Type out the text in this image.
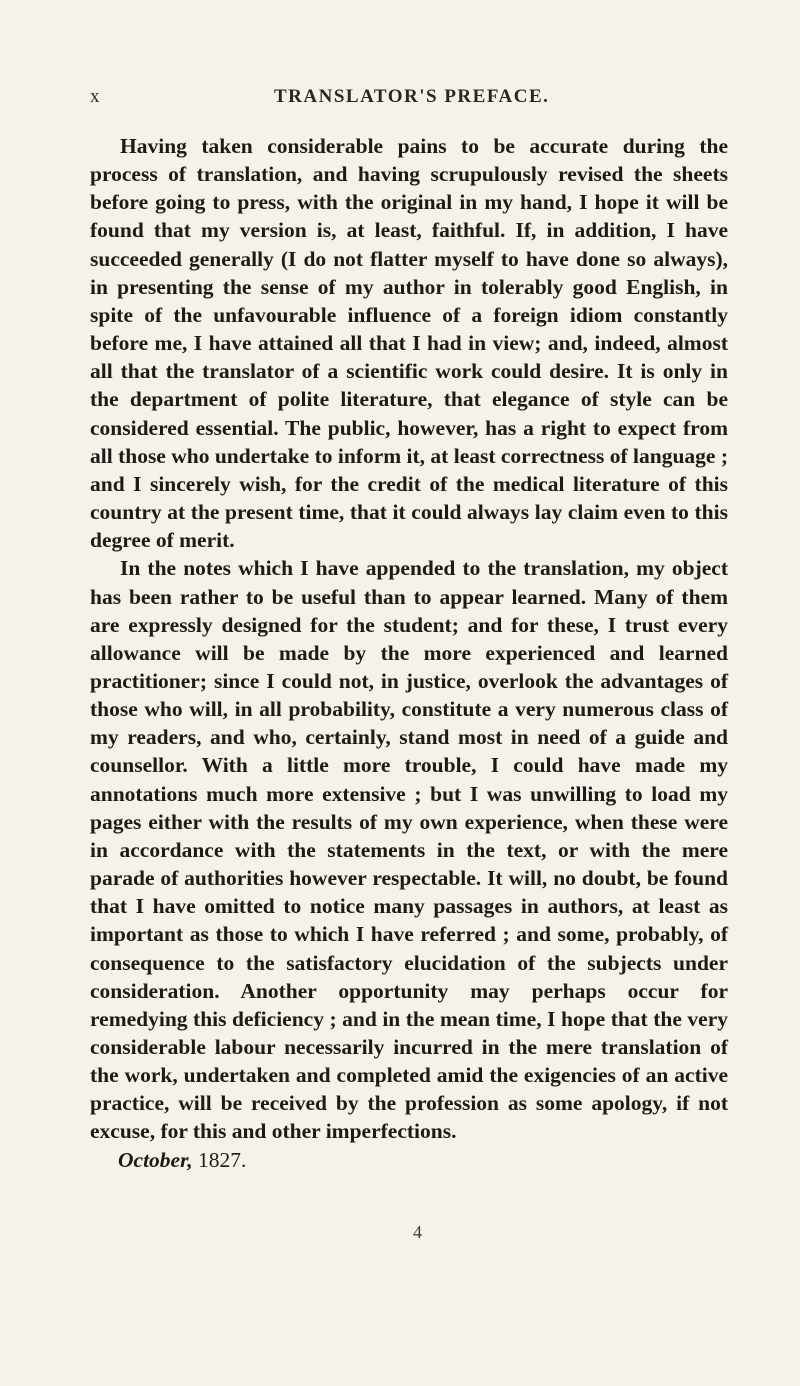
x	TRANSLATOR'S PREFACE.

Having taken considerable pains to be accurate during the process of translation, and having scrupulously revised the sheets before going to press, with the original in my hand, I hope it will be found that my version is, at least, faithful. If, in addition, I have succeeded generally (I do not flatter myself to have done so always), in presenting the sense of my author in tolerably good English, in spite of the unfavourable influence of a foreign idiom constantly before me, I have attained all that I had in view; and, indeed, almost all that the translator of a scientific work could desire. It is only in the department of polite literature, that elegance of style can be considered essential. The public, however, has a right to expect from all those who undertake to inform it, at least correctness of language ; and I sincerely wish, for the credit of the medical literature of this country at the present time, that it could always lay claim even to this degree of merit.

In the notes which I have appended to the translation, my object has been rather to be useful than to appear learned. Many of them are expressly designed for the student; and for these, I trust every allowance will be made by the more experienced and learned practitioner; since I could not, in justice, overlook the advantages of those who will, in all probability, constitute a very numerous class of my readers, and who, certainly, stand most in need of a guide and counsellor. With a little more trouble, I could have made my annotations much more extensive ; but I was unwilling to load my pages either with the results of my own experience, when these were in accordance with the statements in the text, or with the mere parade of authorities however respectable. It will, no doubt, be found that I have omitted to notice many passages in authors, at least as important as those to which I have referred ; and some, probably, of consequence to the satisfactory elucidation of the subjects under consideration. Another opportunity may perhaps occur for remedying this deficiency ; and in the mean time, I hope that the very considerable labour necessarily incurred in the mere translation of the work, undertaken and completed amid the exigencies of an active practice, will be received by the profession as some apology, if not excuse, for this and other imperfections.

October, 1827.

4
